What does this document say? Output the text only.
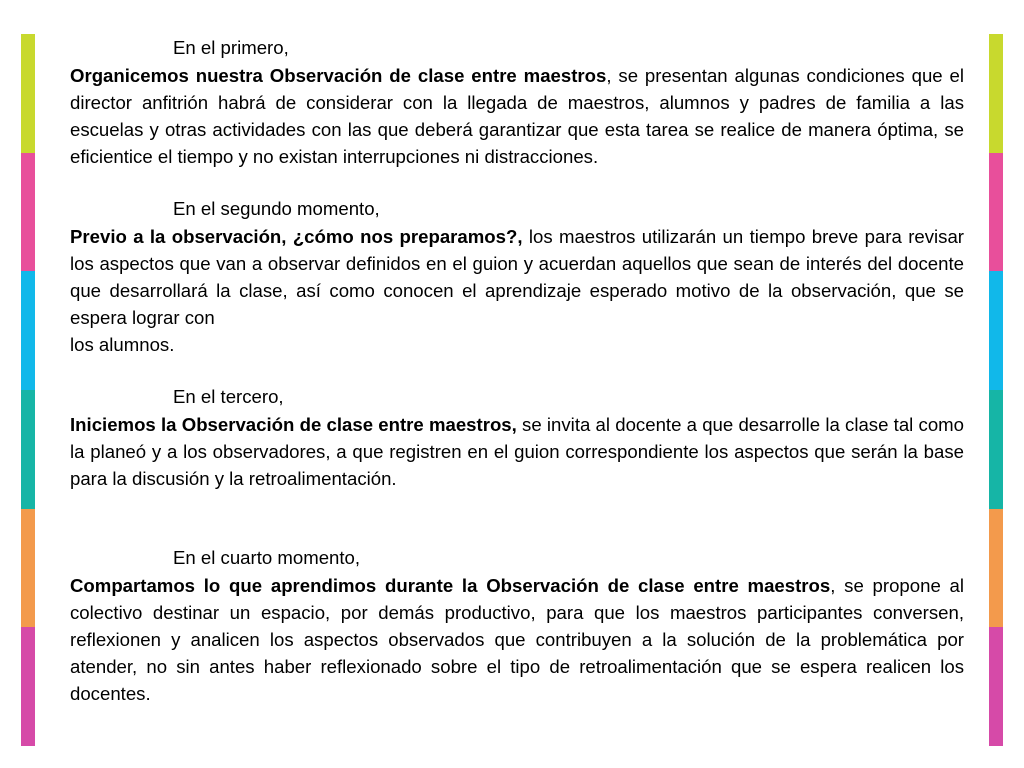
En el primero,

Organicemos nuestra Observación de clase entre maestros, se presentan algunas condiciones que el director anfitrión habrá de considerar con la llegada de maestros, alumnos y padres de familia a las escuelas y otras actividades con las que deberá garantizar que esta tarea se realice de manera óptima, se eficientice el tiempo y no existan interrupciones ni distracciones.

En el segundo momento,

Previo a la observación, ¿cómo nos preparamos?, los maestros utilizarán un tiempo breve para revisar los aspectos que van a observar definidos en el guion y acuerdan aquellos que sean de interés del docente que desarrollará la clase, así como conocen el aprendizaje esperado motivo de la observación, que se espera lograr con

los alumnos.
En el tercero,

Iniciemos la Observación de clase entre maestros, se invita al docente a que desarrolle la clase tal como la planeó y a los observadores, a que registren en el guion correspondiente los aspectos que serán la base para la discusión y la retroalimentación.

En el cuarto momento,

Compartamos lo que aprendimos durante la Observación de clase entre maestros, se propone al colectivo destinar un espacio, por demás productivo, para que los maestros participantes conversen, reflexionen y analicen los aspectos observados que contribuyen a la solución de la problemática por atender, no sin antes haber reflexionado sobre el tipo de retroalimentación que se espera realicen los docentes.
